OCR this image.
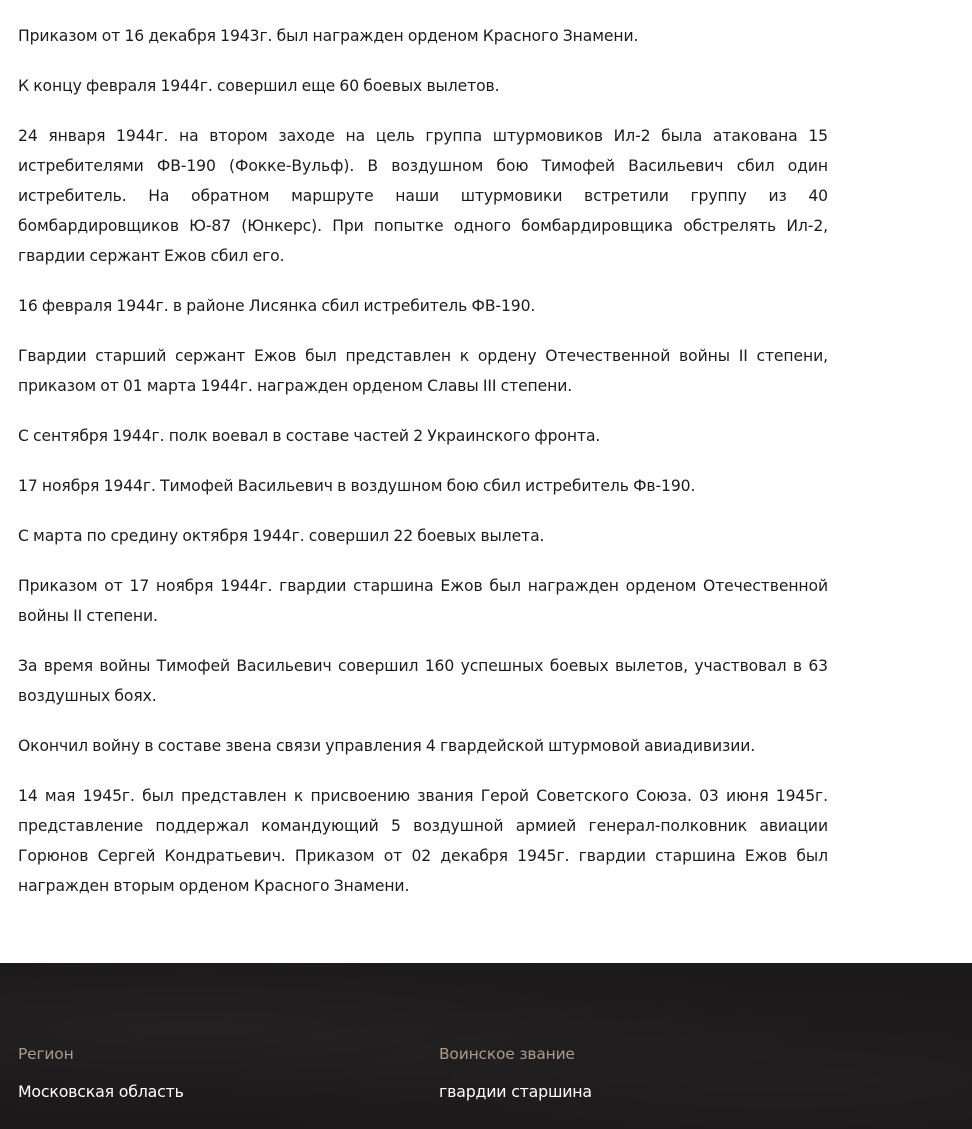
Приказом от 16 декабря 1943г. был награжден орденом Красного Знамени.

К концу февраля 1944г. совершил еще 60 боевых вылетов.

24 января 1944г. на втором заходе на цель группа штурмовиков Ил-2 была атакована 15 истребителями ФВ-190 (Фокке-Вульф). В воздушном бою Тимофей Васильевич сбил один истребитель. На обратном маршруте наши штурмовики встретили группу из 40 бомбардировщиков Ю-87 (Юнкерс). При попытке одного бомбардировщика обстрелять Ил-2, гвардии сержант Ежов сбил его.

16 февраля 1944г. в районе Лисянка сбил истребитель ФВ-190.

Гвардии старший сержант Ежов был представлен к ордену Отечественной войны II степени, приказом от 01 марта 1944г. награжден орденом Славы III степени.

С сентября 1944г. полк воевал в составе частей 2 Украинского фронта.

17 ноября 1944г. Тимофей Васильевич в воздушном бою сбил истребитель Фв-190.

С марта по средину октября 1944г. совершил 22 боевых вылета.

Приказом от 17 ноября 1944г. гвардии старшина Ежов был награжден орденом Отечественной войны II степени.

За время войны Тимофей Васильевич совершил 160 успешных боевых вылетов, участвовал в 63 воздушных боях.

Окончил войну в составе звена связи управления 4 гвардейской штурмовой авиадивизии.

14 мая 1945г. был представлен к присвоению звания Герой Советского Союза. 03 июня 1945г. представление поддержал командующий 5 воздушной армией генерал-полковник авиации Горюнов Сергей Кондратьевич. Приказом от 02 декабря 1945г. гвардии старшина Ежов был награжден вторым орденом Красного Знамени.

Регион
Московская область
Воинское звание
гвардии старшина
